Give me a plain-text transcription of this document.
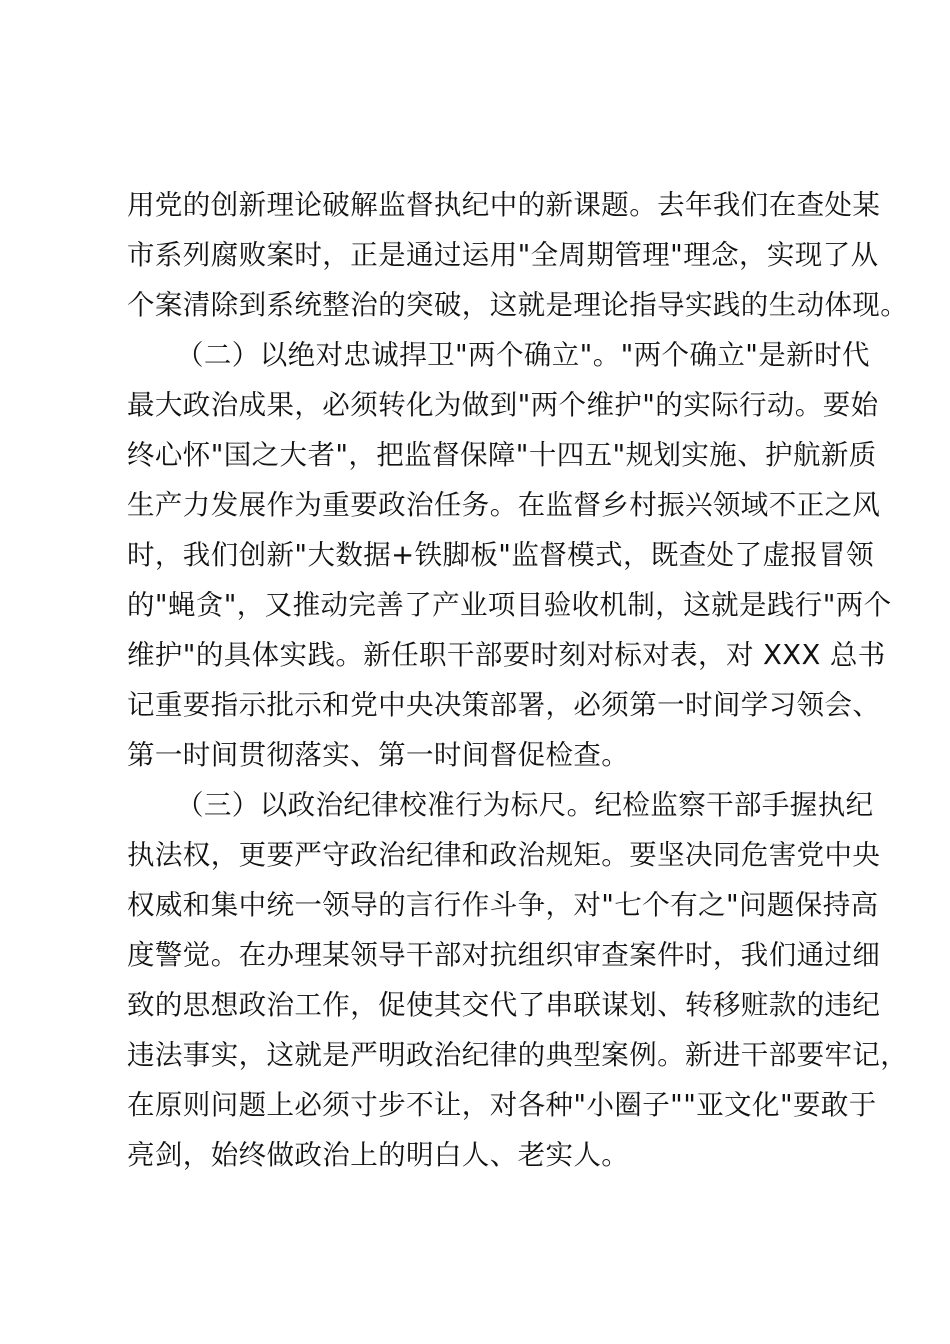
用党的创新理论破解监督执纪中的新课题。去年我们在查处某
市系列腐败案时，正是通过运用"全周期管理"理念，实现了从
个案清除到系统整治的突破，这就是理论指导实践的生动体现。
（二）以绝对忠诚捍卫"两个确立"。"两个确立"是新时代
最大政治成果，必须转化为做到"两个维护"的实际行动。要始
终心怀"国之大者"，把监督保障"十四五"规划实施、护航新质
生产力发展作为重要政治任务。在监督乡村振兴领域不正之风
时，我们创新"大数据+铁脚板"监督模式，既查处了虚报冒领
的"蝇贪"，又推动完善了产业项目验收机制，这就是践行"两个
维护"的具体实践。新任职干部要时刻对标对表，对 XXX 总书
记重要指示批示和党中央决策部署，必须第一时间学习领会、
第一时间贯彻落实、第一时间督促检查。
（三）以政治纪律校准行为标尺。纪检监察干部手握执纪
执法权，更要严守政治纪律和政治规矩。要坚决同危害党中央
权威和集中统一领导的言行作斗争，对"七个有之"问题保持高
度警觉。在办理某领导干部对抗组织审查案件时，我们通过细
致的思想政治工作，促使其交代了串联谋划、转移赃款的违纪
违法事实，这就是严明政治纪律的典型案例。新进干部要牢记，
在原则问题上必须寸步不让，对各种"小圈子""亚文化"要敢于
亮剑，始终做政治上的明白人、老实人。
